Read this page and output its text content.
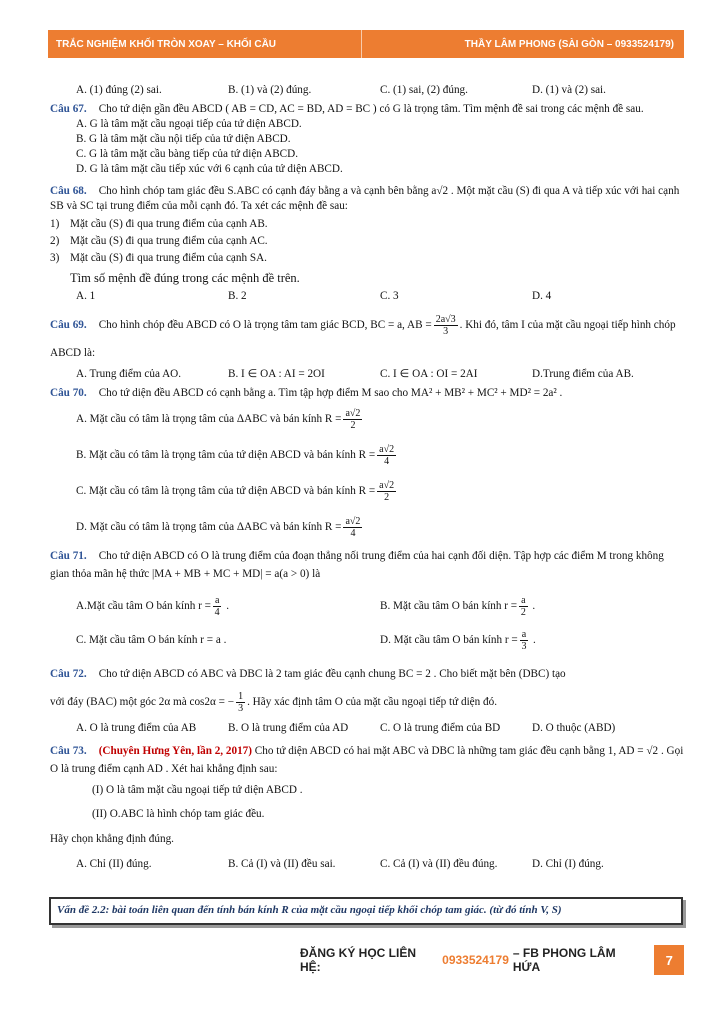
TRẮC NGHIỆM KHỐI TRÒN XOAY – KHỐI CẦU	THẦY LÂM PHONG (SÀI GÒN – 0933524179)
A. (1) đúng (2) sai.	B. (1) và (2) đúng.	C. (1) sai, (2) đúng.	D. (1) và (2) sai.
Câu 67. Cho tứ diện gần đều ABCD ( AB = CD, AC = BD, AD = BC ) có G là trọng tâm. Tìm mệnh đề sai trong các mệnh đề sau.
A. G là tâm mặt cầu ngoại tiếp của tứ diện ABCD.
B. G là tâm mặt cầu nội tiếp của tứ diện ABCD.
C. G là tâm mặt cầu bàng tiếp của tứ diện ABCD.
D. G là tâm mặt cầu tiếp xúc với 6 cạnh của tứ diện ABCD.
Câu 68. Cho hình chóp tam giác đều S.ABC có cạnh đáy bằng a và cạnh bên bằng a√2 . Một mặt cầu (S) đi qua A và tiếp xúc với hai cạnh SB và SC tại trung điểm của mỗi cạnh đó. Ta xét các mệnh đề sau:
1) Mặt cầu (S) đi qua trung điểm của cạnh AB.
2) Mặt cầu (S) đi qua trung điểm của cạnh AC.
3) Mặt cầu (S) đi qua trung điểm của cạnh SA.
Tìm số mệnh đề đúng trong các mệnh đề trên.
A. 1	B. 2	C. 3	D. 4
Câu 69. Cho hình chóp đều ABCD có O là trọng tâm tam giác BCD, BC = a, AB = $\frac{2a√3}{3}$ . Khi đó, tâm I của mặt cầu ngoại tiếp hình chóp ABCD là:
A. Trung điểm của AO.	B. I ∈ OA : AI = 2OI	C. I ∈ OA : OI = 2AI	D.Trung điểm của AB.
Câu 70. Cho tứ diện đều ABCD có cạnh bằng a. Tìm tập hợp điểm M sao cho MA² + MB² + MC² + MD² = 2a² .
A. Mặt cầu có tâm là trọng tâm của ΔABC và bán kính $R = \frac{a√2}{2}$
B. Mặt cầu có tâm là trọng tâm của tứ diện ABCD và bán kính $R = \frac{a√2}{4}$
C. Mặt cầu có tâm là trọng tâm của tứ diện ABCD và bán kính $R = \frac{a√2}{2}$
D. Mặt cầu có tâm là trọng tâm của ΔABC và bán kính $R = \frac{a√2}{4}$
Câu 71. Cho tứ diện ABCD có O là trung điểm của đoạn thẳng nối trung điểm của hai cạnh đối diện. Tập hợp các điểm M trong không gian thỏa mãn hệ thức |MA + MB + MC + MD| = a(a > 0) là
A.Mặt cầu tâm O bán kính $r = \frac{a}{4}$ .	B. Mặt cầu tâm O bán kính $r = \frac{a}{2}$ .
C. Mặt cầu tâm O bán kính r = a .	D. Mặt cầu tâm O bán kính $r = \frac{a}{3}$ .
Câu 72. Cho tứ diện ABCD có ABC và DBC là 2 tam giác đều cạnh chung BC = 2 . Cho biết mặt bên (DBC) tạo
với đáy (BAC) một góc 2α mà cos2α = − $\frac{1}{3}$ . Hãy xác định tâm O của mặt cầu ngoại tiếp tứ diện đó.
A. O là trung điểm của AB	B. O là trung điểm của AD	C. O là trung điểm của BD	D. O thuộc (ABD)
Câu 73. (Chuyên Hưng Yên, lần 2, 2017) Cho tứ diện ABCD có hai mặt ABC và DBC là những tam giác đều cạnh bằng 1, AD = √2 . Gọi O là trung điểm cạnh AD . Xét hai khẳng định sau:
(I) O là tâm mặt cầu ngoại tiếp tứ diện ABCD .
(II) O.ABC là hình chóp tam giác đều.
Hãy chọn khẳng định đúng.
A. Chỉ (II) đúng.	B. Cả (I) và (II) đều sai.	C. Cả (I) và (II) đều đúng.	D. Chỉ (I) đúng.
Vấn đề 2.2: bài toán liên quan đến tính bán kính R của mặt cầu ngoại tiếp khối chóp tam giác. (từ đó tính V, S)
ĐĂNG KÝ HỌC LIÊN HỆ:	0933524179 – FB PHONG LÂM HỨA	7
